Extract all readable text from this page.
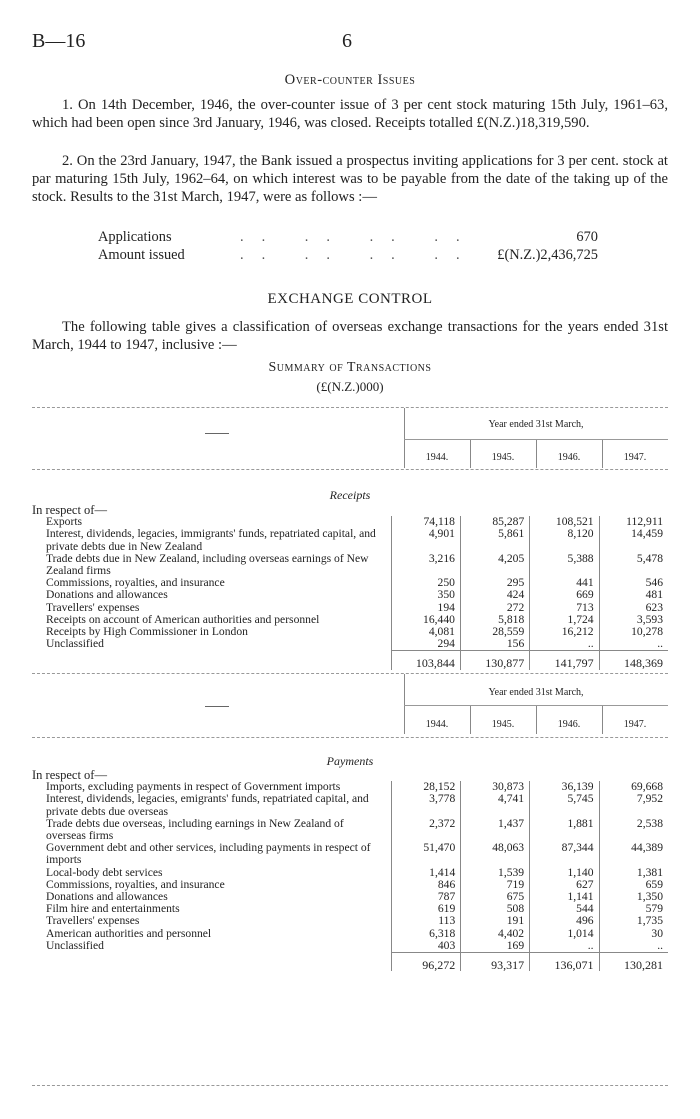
B—16	6
Over-counter Issues
1. On 14th December, 1946, the over-counter issue of 3 per cent stock maturing 15th July, 1961–63, which had been open since 3rd January, 1946, was closed. Receipts totalled £(N.Z.)18,319,590.
2. On the 23rd January, 1947, the Bank issued a prospectus inviting applications for 3 per cent. stock at par maturing 15th July, 1962–64, on which interest was to be payable from the date of the taking up of the stock. Results to the 31st March, 1947, were as follows :—
Applications	.. .. .. ..	670
Amount issued	.. .. .. ..	£(N.Z.)2,436,725
EXCHANGE CONTROL
The following table gives a classification of overseas exchange transactions for the years ended 31st March, 1944 to 1947, inclusive :—
Summary of Transactions
(£(N.Z.)000)
Year ended 31st March,
1944.	1945.	1946.	1947.
Receipts
In respect of—				
Exports	74,118	85,287	108,521	112,911
Interest, dividends, legacies, immigrants' funds, repatriated capital, and private debts due in New Zealand	4,901	5,861	8,120	14,459
Trade debts due in New Zealand, including overseas earnings of New Zealand firms	3,216	4,205	5,388	5,478
Commissions, royalties, and insurance	250	295	441	546
Donations and allowances	350	424	669	481
Travellers' expenses	194	272	713	623
Receipts on account of American authorities and personnel	16,440	5,818	1,724	3,593
Receipts by High Commissioner in London	4,081	28,559	16,212	10,278
Unclassified	294	156	..	..
	103,844	130,877	141,797	148,369
Year ended 31st March,
1944.	1945.	1946.	1947.
Payments
In respect of—				
Imports, excluding payments in respect of Government imports	28,152	30,873	36,139	69,668
Interest, dividends, legacies, emigrants' funds, repatriated capital, and private debts due overseas	3,778	4,741	5,745	7,952
Trade debts due overseas, including earnings in New Zealand of overseas firms	2,372	1,437	1,881	2,538
Government debt and other services, including payments in respect of imports	51,470	48,063	87,344	44,389
Local-body debt services	1,414	1,539	1,140	1,381
Commissions, royalties, and insurance	846	719	627	659
Donations and allowances	787	675	1,141	1,350
Film hire and entertainments	619	508	544	579
Travellers' expenses	113	191	496	1,735
American authorities and personnel	6,318	4,402	1,014	30
Unclassified	403	169	..	..
	96,272	93,317	136,071	130,281
